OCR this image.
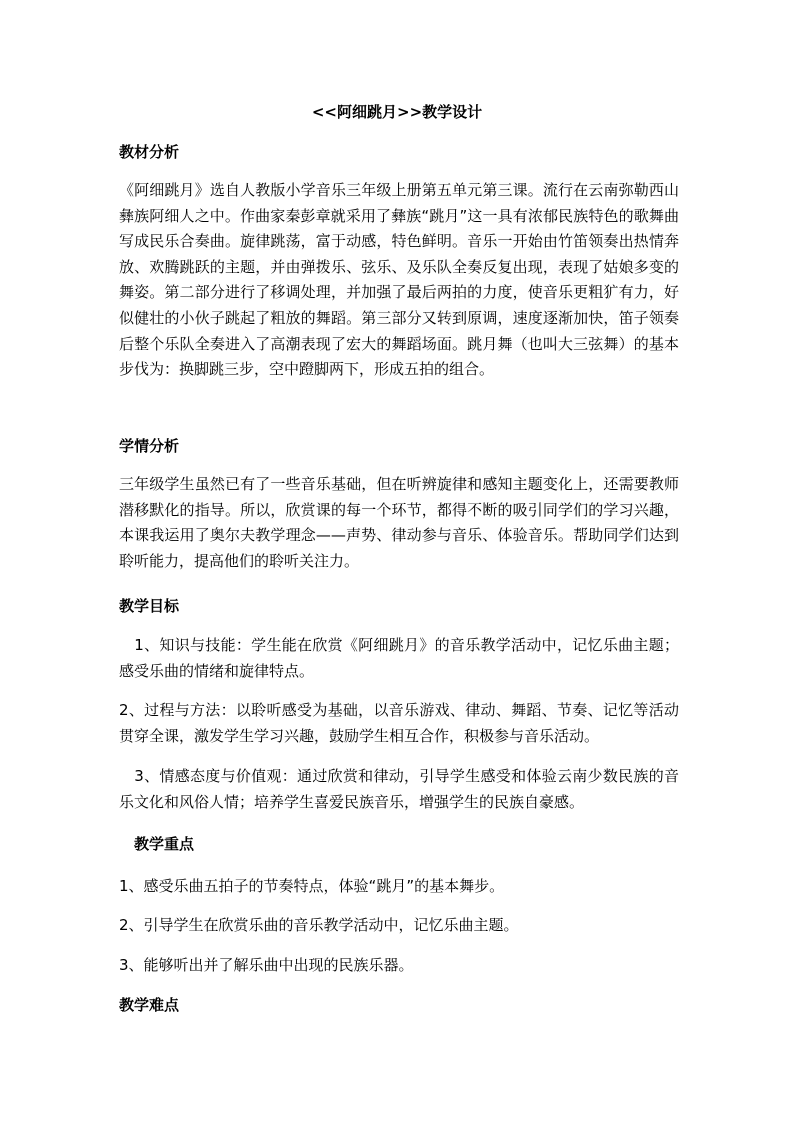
<<阿细跳月>>教学设计
教材分析

《阿细跳月》选自人教版小学音乐三年级上册第五单元第三课。流行在云南弥勒西山彝族阿细人之中。作曲家秦彭章就采用了彝族“跳月”这一具有浓郁民族特色的歌舞曲写成民乐合奏曲。旋律跳荡，富于动感，特色鲜明。音乐一开始由竹笛领奏出热情奔放、欢腾跳跃的主题，并由弹拨乐、弦乐、及乐队全奏反复出现，表现了姑娘多变的舞姿。第二部分进行了移调处理，并加强了最后两拍的力度，使音乐更粗犷有力，好似健壮的小伙子跳起了粗放的舞蹈。第三部分又转到原调，速度逐渐加快，笛子领奏后整个乐队全奏进入了高潮表现了宏大的舞蹈场面。跳月舞（也叫大三弦舞）的基本步伐为：换脚跳三步，空中蹬脚两下，形成五拍的组合。

学情分析

三年级学生虽然已有了一些音乐基础，但在听辨旋律和感知主题变化上，还需要教师潜移默化的指导。所以，欣赏课的每一个环节，都得不断的吸引同学们的学习兴趣，本课我运用了奥尔夫教学理念——声势、律动参与音乐、体验音乐。帮助同学们达到聆听能力，提高他们的聆听关注力。

教学目标

　1、知识与技能：学生能在欣赏《阿细跳月》的音乐教学活动中，记忆乐曲主题；感受乐曲的情绪和旋律特点。

2、过程与方法：以聆听感受为基础，以音乐游戏、律动、舞蹈、节奏、记忆等活动贯穿全课，激发学生学习兴趣，鼓励学生相互合作，积极参与音乐活动。

　3、情感态度与价值观：通过欣赏和律动，引导学生感受和体验云南少数民族的音乐文化和风俗人情；培养学生喜爱民族音乐，增强学生的民族自豪感。

　教学重点
1、感受乐曲五拍子的节奏特点，体验“跳月”的基本舞步。
2、引导学生在欣赏乐曲的音乐教学活动中，记忆乐曲主题。
3、能够听出并了解乐曲中出现的民族乐器。
教学难点
